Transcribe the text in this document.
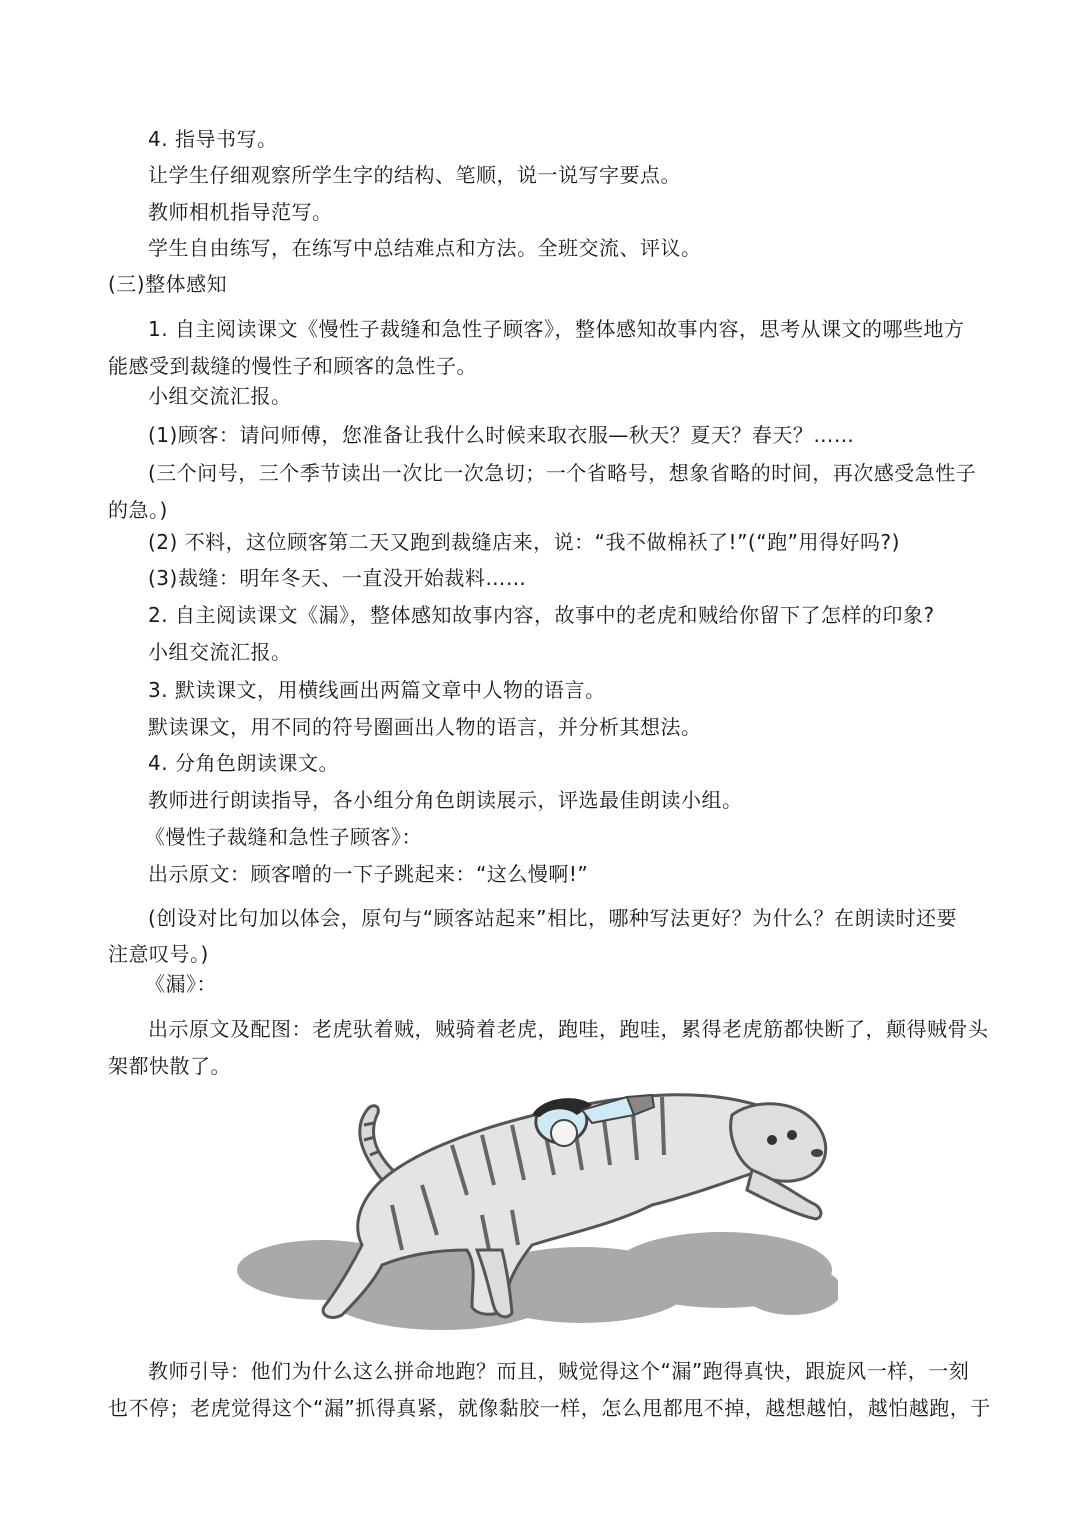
4. 指导书写。
让学生仔细观察所学生字的结构、笔顺，说一说写字要点。
教师相机指导范写。
学生自由练写，在练写中总结难点和方法。全班交流、评议。
(三)整体感知
1. 自主阅读课文《慢性子裁缝和急性子顾客》，整体感知故事内容，思考从课文的哪些地方
能感受到裁缝的慢性子和顾客的急性子。
小组交流汇报。
(1)顾客：请问师傅，您准备让我什么时候来取衣服—秋天？夏天？春天？……
(三个问号，三个季节读出一次比一次急切；一个省略号，想象省略的时间，再次感受急性子
的急。)
(2) 不料，这位顾客第二天又跑到裁缝店来，说：“我不做棉袄了!”(“跑”用得好吗?)
(3)裁缝：明年冬天、一直没开始裁料……
2. 自主阅读课文《漏》，整体感知故事内容，故事中的老虎和贼给你留下了怎样的印象?
小组交流汇报。
3. 默读课文，用横线画出两篇文章中人物的语言。
默读课文，用不同的符号圈画出人物的语言，并分析其想法。
4. 分角色朗读课文。
教师进行朗读指导，各小组分角色朗读展示，评选最佳朗读小组。
《慢性子裁缝和急性子顾客》：
出示原文：顾客噌的一下子跳起来：“这么慢啊!”
(创设对比句加以体会，原句与“顾客站起来”相比，哪种写法更好？为什么？在朗读时还要
注意叹号。)
《漏》：
出示原文及配图：老虎驮着贼，贼骑着老虎，跑哇，跑哇，累得老虎筋都快断了，颠得贼骨头
架都快散了。
教师引导：他们为什么这么拼命地跑？而且，贼觉得这个“漏”跑得真快，跟旋风一样，一刻
也不停；老虎觉得这个“漏”抓得真紧，就像黏胶一样，怎么甩都甩不掉，越想越怕，越怕越跑，于
